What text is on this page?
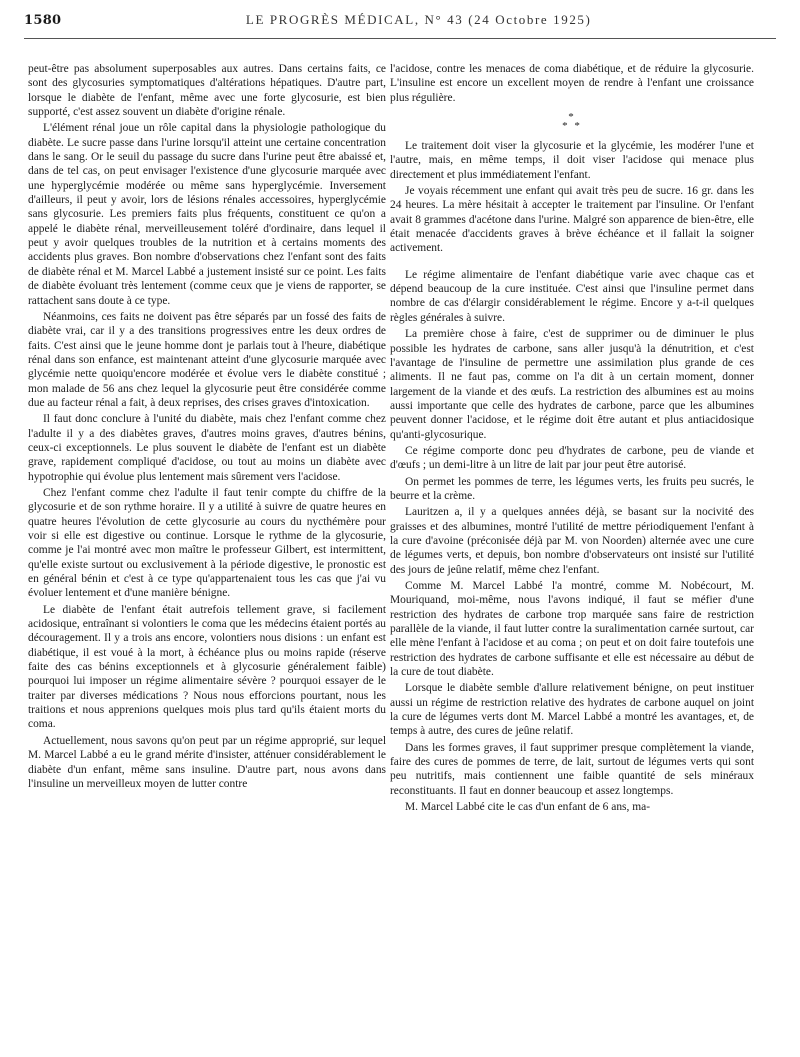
1580	LE PROGRÈS MÉDICAL, N° 43 (24 Octobre 1925)

peut-être pas absolument superposables aux autres. Dans certains faits, ce sont des glycosuries symptomatiques d'altérations hépatiques. D'autre part, lorsque le diabète de l'enfant, même avec une forte glycosurie, est bien supporté, c'est assez souvent un diabète d'origine rénale.

L'élément rénal joue un rôle capital dans la physiologie pathologique du diabète. Le sucre passe dans l'urine lorsqu'il atteint une certaine concentration dans le sang. Or le seuil du passage du sucre dans l'urine peut être abaissé et, dans de tel cas, on peut envisager l'existence d'une glycosurie marquée avec une hyperglycémie modérée ou même sans hyperglycémie. Inversement d'ailleurs, il peut y avoir, lors de lésions rénales accessoires, hyperglycémie sans glycosurie. Les premiers faits plus fréquents, constituent ce qu'on a appelé le diabète rénal, merveilleusement toléré d'ordinaire, dans lequel il peut y avoir quelques troubles de la nutrition et à certains moments des accidents plus graves. Bon nombre d'observations chez l'enfant sont des faits de diabète rénal et M. Marcel Labbé a justement insisté sur ce point. Les faits de diabète évoluant très lentement (comme ceux que je viens de rapporter, se rattachent sans doute à ce type.

Néanmoins, ces faits ne doivent pas être séparés par un fossé des faits de diabète vrai, car il y a des transitions progressives entre les deux ordres de faits. C'est ainsi que le jeune homme dont je parlais tout à l'heure, diabétique rénal dans son enfance, est maintenant atteint d'une glycosurie marquée avec glycémie nette quoiqu'encore modérée et évolue vers le diabète constitué ; mon malade de 56 ans chez lequel la glycosurie peut être considérée comme due au facteur rénal a fait, à deux reprises, des crises graves d'intoxication.

Il faut donc conclure à l'unité du diabète, mais chez l'enfant comme chez l'adulte il y a des diabètes graves, d'autres moins graves, d'autres bénins, ceux-ci exceptionnels. Le plus souvent le diabète de l'enfant est un diabète grave, rapidement compliqué d'acidose, ou tout au moins un diabète avec hypotrophie qui évolue plus lentement mais sûrement vers l'acidose.

Chez l'enfant comme chez l'adulte il faut tenir compte du chiffre de la glycosurie et de son rythme horaire. Il y a utilité à suivre de quatre heures en quatre heures l'évolution de cette glycosurie au cours du nycthémère pour voir si elle est digestive ou continue. Lorsque le rythme de la glycosurie, comme je l'ai montré avec mon maître le professeur Gilbert, est intermittent, qu'elle existe surtout ou exclusivement à la période digestive, le pronostic est en général bénin et c'est à ce type qu'appartenaient tous les cas que j'ai vu évoluer lentement et d'une manière bénigne.

Le diabète de l'enfant était autrefois tellement grave, si facilement acidosique, entraînant si volontiers le coma que les médecins étaient portés au découragement. Il y a trois ans encore, volontiers nous disions : un enfant est diabétique, il est voué à la mort, à échéance plus ou moins rapide (réserve faite des cas bénins exceptionnels et à glycosurie généralement faible) pourquoi lui imposer un régime alimentaire sévère ? pourquoi essayer de le traiter par diverses médications ? Nous nous efforcions pourtant, nous les traitions et nous apprenions quelques mois plus tard qu'ils étaient morts du coma.

Actuellement, nous savons qu'on peut par un régime approprié, sur lequel M. Marcel Labbé a eu le grand mérite d'insister, atténuer considérablement le diabète d'un enfant, même sans insuline. D'autre part, nous avons dans l'insuline un merveilleux moyen de lutter contre

l'acidose, contre les menaces de coma diabétique, et de réduire la glycosurie. L'insuline est encore un excellent moyen de rendre à l'enfant une croissance plus régulière.

*
* *

Le traitement doit viser la glycosurie et la glycémie, les modérer l'une et l'autre, mais, en même temps, il doit viser l'acidose qui menace plus directement et plus immédiatement l'enfant.

Je voyais récemment une enfant qui avait très peu de sucre. 16 gr. dans les 24 heures. La mère hésitait à accepter le traitement par l'insuline. Or l'enfant avait 8 grammes d'acétone dans l'urine. Malgré son apparence de bien-être, elle était menacée d'accidents graves à brève échéance et il fallait la soigner activement.

Le régime alimentaire de l'enfant diabétique varie avec chaque cas et dépend beaucoup de la cure instituée. C'est ainsi que l'insuline permet dans nombre de cas d'élargir considérablement le régime. Encore y a-t-il quelques règles générales à suivre.

La première chose à faire, c'est de supprimer ou de diminuer le plus possible les hydrates de carbone, sans aller jusqu'à la dénutrition, et c'est l'avantage de l'insuline de permettre une assimilation plus grande de ces aliments. Il ne faut pas, comme on l'a dit à un certain moment, donner largement de la viande et des œufs. La restriction des albumines est au moins aussi importante que celle des hydrates de carbone, parce que les albumines peuvent donner l'acidose, et le régime doit être autant et plus antiacidosique qu'anti-glycosurique.

Ce régime comporte donc peu d'hydrates de carbone, peu de viande et d'œufs ; un demi-litre à un litre de lait par jour peut être autorisé.

On permet les pommes de terre, les légumes verts, les fruits peu sucrés, le beurre et la crème.

Lauritzen a, il y a quelques années déjà, se basant sur la nocivité des graisses et des albumines, montré l'utilité de mettre périodiquement l'enfant à la cure d'avoine (préconisée déjà par M. von Noorden) alternée avec une cure de légumes verts, et depuis, bon nombre d'observateurs ont insisté sur l'utilité des jours de jeûne relatif, même chez l'enfant.

Comme M. Marcel Labbé l'a montré, comme M. Nobécourt, M. Mouriquand, moi-même, nous l'avons indiqué, il faut se méfier d'une restriction des hydrates de carbone trop marquée sans faire de restriction parallèle de la viande, il faut lutter contre la suralimentation carnée surtout, car elle mène l'enfant à l'acidose et au coma ; on peut et on doit faire toutefois une restriction des hydrates de carbone suffisante et elle est nécessaire au début de la cure de tout diabète.

Lorsque le diabète semble d'allure relativement bénigne, on peut instituer aussi un régime de restriction relative des hydrates de carbone auquel on joint la cure de légumes verts dont M. Marcel Labbé a montré les avantages, et, de temps à autre, des cures de jeûne relatif.

Dans les formes graves, il faut supprimer presque complètement la viande, faire des cures de pommes de terre, de lait, surtout de légumes verts qui sont peu nutritifs, mais contiennent une faible quantité de sels minéraux reconstituants. Il faut en donner beaucoup et assez longtemps.

M. Marcel Labbé cite le cas d'un enfant de 6 ans, ma-
